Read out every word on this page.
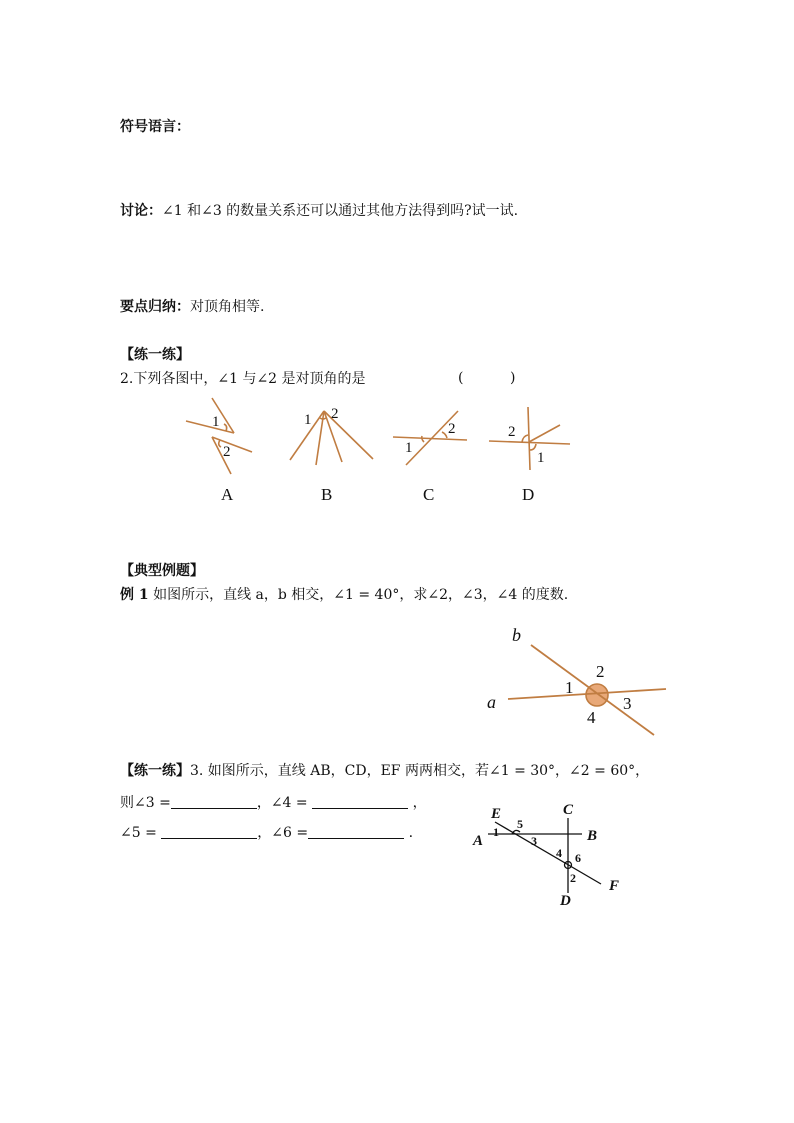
符号语言：
讨论：∠1 和∠3 的数量关系还可以通过其他方法得到吗?试一试.
要点归纳：对顶角相等.
【练一练】
2.下列各图中，∠1 与∠2 是对顶角的是	(	)
【典型例题】
例 1 如图所示，直线 a，b 相交，∠1 = 40°，求∠2，∠3，∠4 的度数.
【练一练】3. 如图所示，直线 AB，CD，EF 两两相交，若∠1 = 30°，∠2 = 60°，
则∠3 =	，∠4 =	，
∠5 =	，∠6 =	.
1
2
A
1 2
B
2
1
C
2
1
D
b
a
1
2
3
4
E	C
A	B
F
D
1
5
3
4 6
2
